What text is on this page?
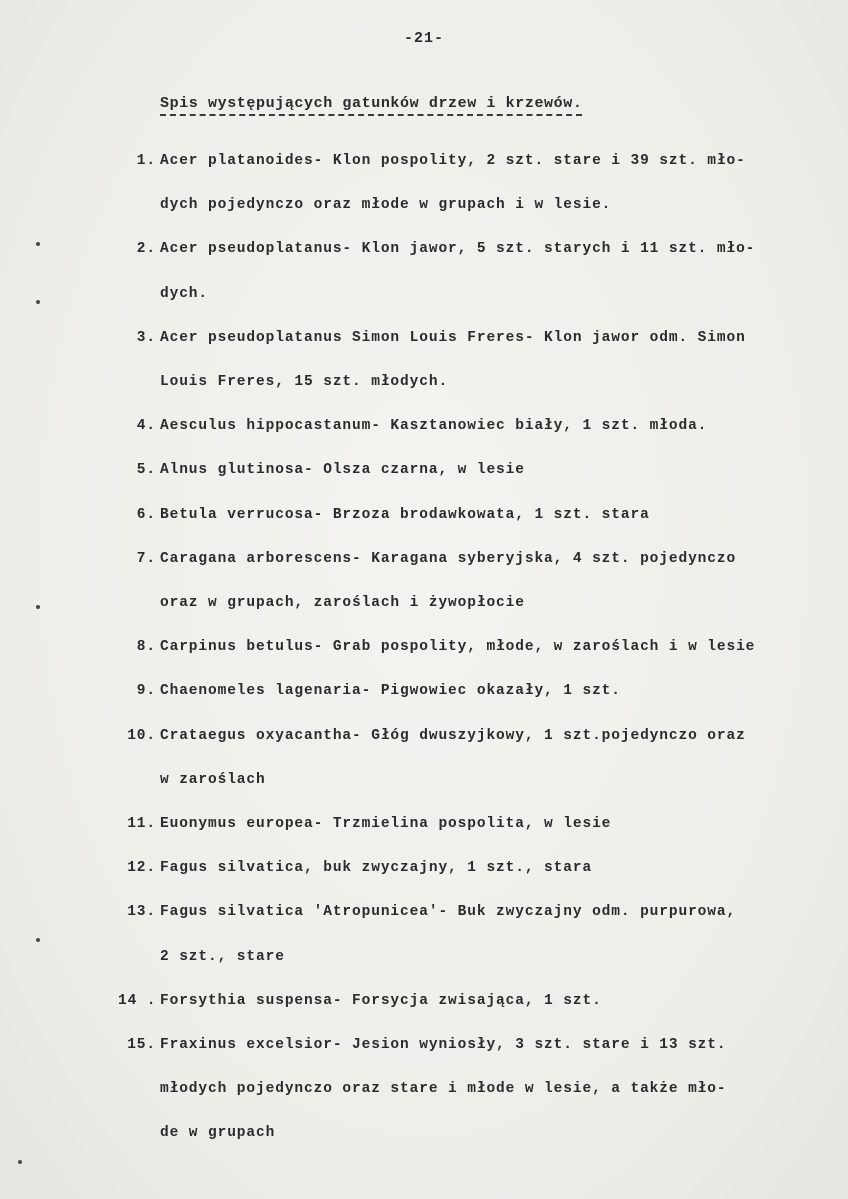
-21-
Spis występujących gatunków drzew i krzewów.
1. Acer platanoides- Klon pospolity, 2 szt. stare i 39 szt. mło-
dych pojedynczo oraz młode w grupach i w lesie.
2. Acer pseudoplatanus- Klon jawor, 5 szt. starych i 11 szt. mło-
dych.
3. Acer pseudoplatanus Simon Louis Freres- Klon jawor odm. Simon
Louis Freres, 15 szt. młodych.
4. Aesculus hippocastanum- Kasztanowiec biały, 1 szt. młoda.
5. Alnus glutinosa- Olsza czarna, w lesie
6. Betula verrucosa- Brzoza brodawkowata, 1 szt. stara
7. Caragana arborescens- Karagana syberyjska, 4 szt. pojedynczo
oraz w grupach, zaroślach i żywopłocie
8. Carpinus betulus- Grab pospolity, młode, w zaroślach i w lesie
9. Chaenomeles lagenaria- Pigwowiec okazały, 1 szt.
10. Crataegus oxyacantha- Głóg dwuszyjkowy, 1 szt.pojedynczo oraz
w zaroślach
11. Euonymus europea- Trzmielina pospolita, w lesie
12. Fagus silvatica, buk zwyczajny, 1 szt., stara
13. Fagus silvatica 'Atropunicea'- Buk zwyczajny odm. purpurowa,
2 szt., stare
14 . Forsythia suspensa- Forsycja zwisająca, 1 szt.
15. Fraxinus excelsior- Jesion wyniosły, 3 szt. stare i 13 szt.
młodych pojedynczo oraz stare i młode w lesie, a także mło-
de w grupach
